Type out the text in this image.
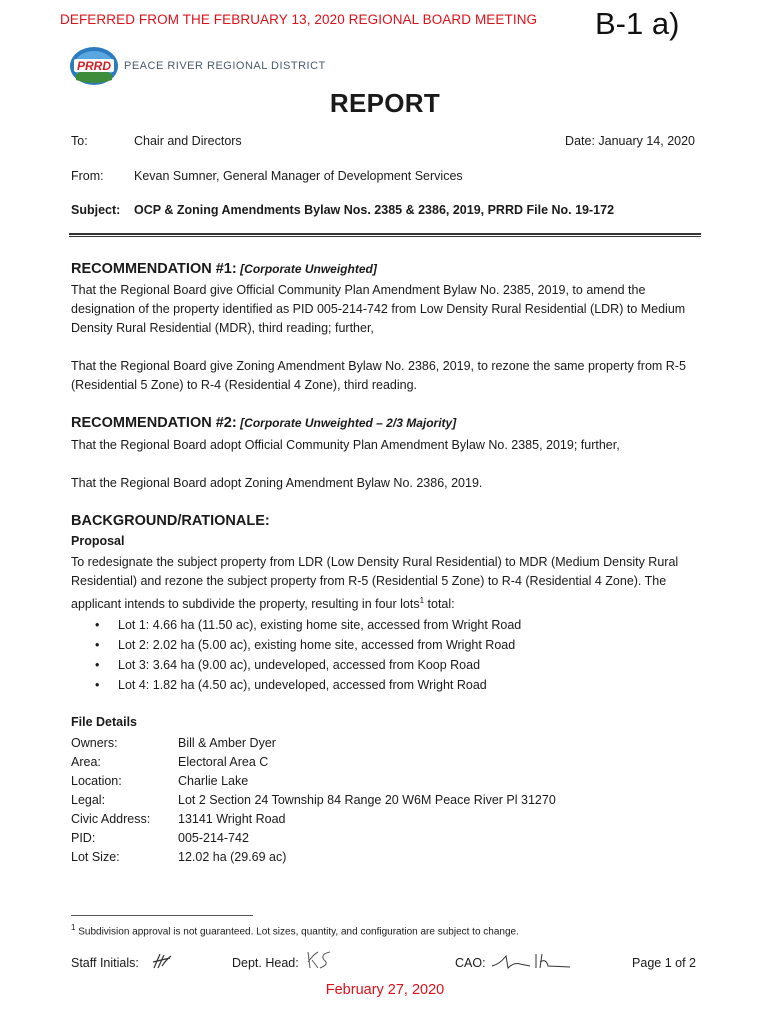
DEFERRED FROM THE FEBRUARY 13, 2020 REGIONAL BOARD MEETING B-1 a)
PRRD PEACE RIVER REGIONAL DISTRICT
REPORT
To:	Chair and Directors	Date: January 14, 2020
From: Kevan Sumner, General Manager of Development Services
Subject: OCP & Zoning Amendments Bylaw Nos. 2385 & 2386, 2019, PRRD File No. 19-172
RECOMMENDATION #1: [Corporate Unweighted]
That the Regional Board give Official Community Plan Amendment Bylaw No. 2385, 2019, to amend the designation of the property identified as PID 005-214-742 from Low Density Rural Residential (LDR) to Medium Density Rural Residential (MDR), third reading; further,
That the Regional Board give Zoning Amendment Bylaw No. 2386, 2019, to rezone the same property from R-5 (Residential 5 Zone) to R-4 (Residential 4 Zone), third reading.
RECOMMENDATION #2: [Corporate Unweighted – 2/3 Majority]
That the Regional Board adopt Official Community Plan Amendment Bylaw No. 2385, 2019; further,
That the Regional Board adopt Zoning Amendment Bylaw No. 2386, 2019.
BACKGROUND/RATIONALE:
Proposal
To redesignate the subject property from LDR (Low Density Rural Residential) to MDR (Medium Density Rural Residential) and rezone the subject property from R-5 (Residential 5 Zone) to R-4 (Residential 4 Zone). The applicant intends to subdivide the property, resulting in four lots$^1$ total:
• Lot 1: 4.66 ha (11.50 ac), existing home site, accessed from Wright Road
• Lot 2: 2.02 ha (5.00 ac), existing home site, accessed from Wright Road
• Lot 3: 3.64 ha (9.00 ac), undeveloped, accessed from Koop Road
• Lot 4: 1.82 ha (4.50 ac), undeveloped, accessed from Wright Road
File Details
Owners:	Bill & Amber Dyer
Area:	Electoral Area C
Location:	Charlie Lake
Legal:	Lot 2 Section 24 Township 84 Range 20 W6M Peace River Pl 31270
Civic Address: 13141 Wright Road
PID:	005-214-742
Lot Size:	12.02 ha (29.69 ac)
$^1$ Subdivision approval is not guaranteed. Lot sizes, quantity, and configuration are subject to change.
Staff Initials:	Dept. Head:	CAO:	Page 1 of 2
February 27, 2020
